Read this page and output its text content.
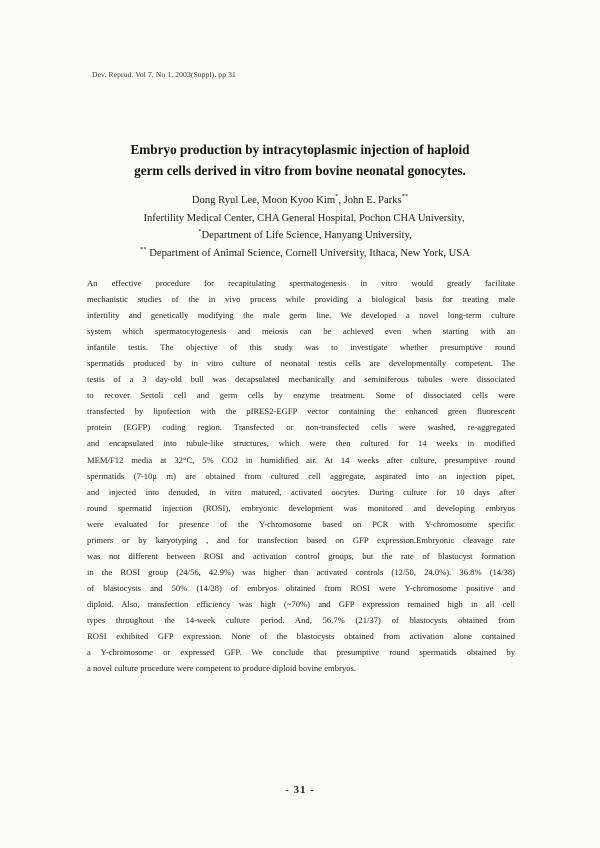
Dev. Reprod. Vol 7, No 1, 2003(Suppl). pp 31
Embryo production by intracytoplasmic injection of haploid
germ cells derived in vitro from bovine neonatal gonocytes.
Dong Ryul Lee, Moon Kyoo Kim*, John E. Parks**
Infertility Medical Center, CHA General Hospital, Pochon CHA University,
*Department of Life Science, Hanyang University,
** Department of Animal Science, Cornell University, Ithaca, New York, USA
An effective procedure for recapitulating spermatogenesis in vitro would greatly facilitate
mechanistic studies of the in vivo process while providing a biological basis for treating male
infertility and genetically modifying the male germ line. We developed a novel long-term culture
system which spermatocytogenesis and meiosis can be achieved even when starting with an
infantile testis. The objective of this study was to investigate whether presumptive round
spermatids produced by in vitro culture of neonatal testis cells are developmentally competent. The
testis of a 3 day-old bull was decapsulated mechanically and seminiferous tubules were dissociated
to recover Sertoli cell and germ cells by enzyme treatment. Some of dissociated cells were
transfected by lipofection with the pIRES2-EGFP vector containing the enhanced green fluorescent
protein (EGFP) coding region. Transfected or non-transfected cells were washed, re-aggregated
and encapsulated into tubule-like structures, which were then cultured for 14 weeks in modified
MEM/F12 media at 32°C, 5% CO2 in humidified air. At 14 weeks after culture, presumptive round
spermatids (7-10μ m) are obtained from cultured cell aggregate, aspirated into an injection pipet,
and injected into denuded, in vitro matured, activated oocytes. During culture for 10 days after
round spermatid injection (ROSI), embryonic development was monitored and developing embryos
were evaluated for presence of the Y-chromosome based on PCR with Y-chromosome specific
primers or by karyotyping , and for transfection based on GFP expression.Embryonic cleavage rate
was not different between ROSI and activation control groups, but the rate of blastocyst formation
in the ROSI group (24/56, 42.9%) was higher than activated controls (12/50, 24.0%). 36.8% (14/38)
of blastocysts and 50% (14/28) of embryos obtained from ROSI were Y-chromosome positive and
diploid. Also, transfection efficiency was high (~70%) and GFP expression remained high in all cell
types throughout the 14-week culture period. And, 56.7% (21/37) of blastocysts obtained from
ROSI exhibited GFP expression. None of the blastocysts obtained from activation alone contained
a Y-chromosome or expressed GFP. We conclude that presumptive round spermatids obtained by
a novel culture procedure were competent to produce diploid bovine embryos.
- 31 -
